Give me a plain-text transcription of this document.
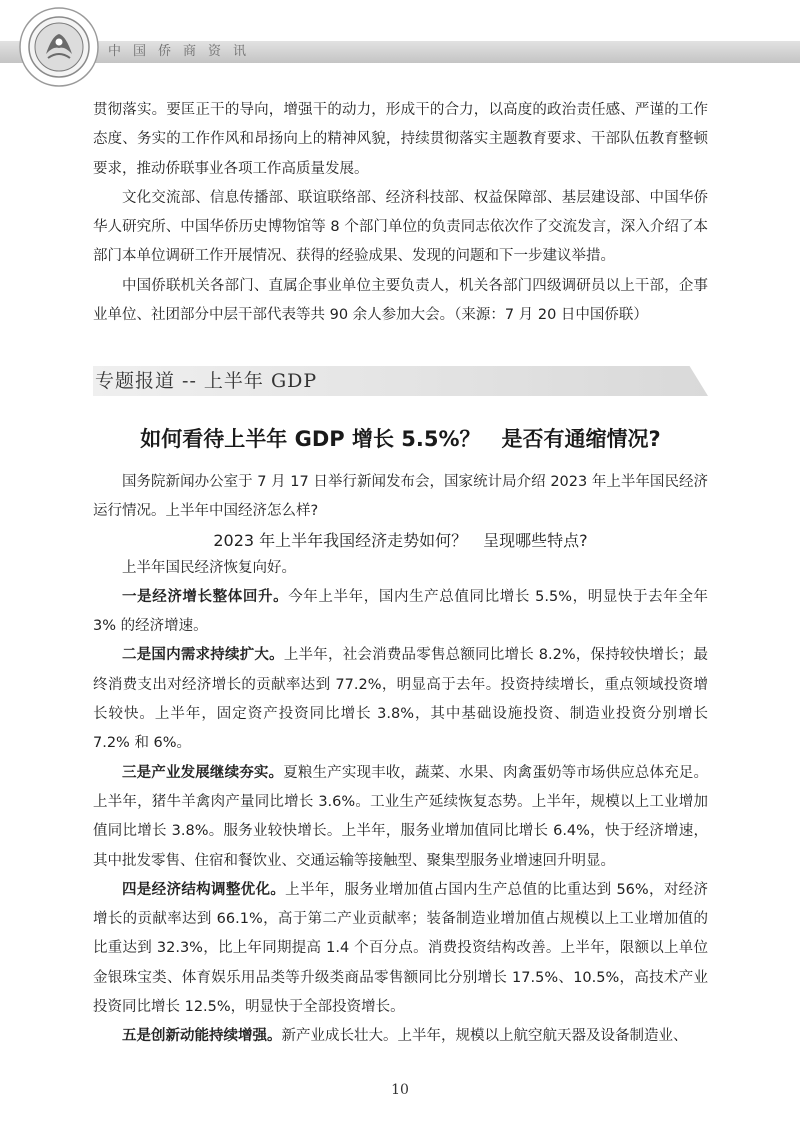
中国侨商资讯

贯彻落实。要匡正干的导向，增强干的动力，形成干的合力，以高度的政治责任感、严谨的工作态度、务实的工作作风和昂扬向上的精神风貌，持续贯彻落实主题教育要求、干部队伍教育整顿要求，推动侨联事业各项工作高质量发展。

文化交流部、信息传播部、联谊联络部、经济科技部、权益保障部、基层建设部、中国华侨华人研究所、中国华侨历史博物馆等 8 个部门单位的负责同志依次作了交流发言，深入介绍了本部门本单位调研工作开展情况、获得的经验成果、发现的问题和下一步建议举措。

中国侨联机关各部门、直属企事业单位主要负责人，机关各部门四级调研员以上干部，企事业单位、社团部分中层干部代表等共 90 余人参加大会。（来源：7 月 20 日中国侨联）

专题报道 -- 上半年 GDP
如何看待上半年 GDP 增长 5.5%？　是否有通缩情况?

国务院新闻办公室于 7 月 17 日举行新闻发布会，国家统计局介绍 2023 年上半年国民经济运行情况。上半年中国经济怎么样?

2023 年上半年我国经济走势如何？　呈现哪些特点?

上半年国民经济恢复向好。

一是经济增长整体回升。今年上半年，国内生产总值同比增长 5.5%，明显快于去年全年 3% 的经济增速。

二是国内需求持续扩大。上半年，社会消费品零售总额同比增长 8.2%，保持较快增长；最终消费支出对经济增长的贡献率达到 77.2%，明显高于去年。投资持续增长，重点领域投资增长较快。上半年，固定资产投资同比增长 3.8%，其中基础设施投资、制造业投资分别增长 7.2% 和 6%。

三是产业发展继续夯实。夏粮生产实现丰收，蔬菜、水果、肉禽蛋奶等市场供应总体充足。上半年，猪牛羊禽肉产量同比增长 3.6%。工业生产延续恢复态势。上半年，规模以上工业增加值同比增长 3.8%。服务业较快增长。上半年，服务业增加值同比增长 6.4%，快于经济增速，其中批发零售、住宿和餐饮业、交通运输等接触型、聚集型服务业增速回升明显。

四是经济结构调整优化。上半年，服务业增加值占国内生产总值的比重达到 56%，对经济增长的贡献率达到 66.1%，高于第二产业贡献率；装备制造业增加值占规模以上工业增加值的比重达到 32.3%，比上年同期提高 1.4 个百分点。消费投资结构改善。上半年，限额以上单位金银珠宝类、体育娱乐用品类等升级类商品零售额同比分别增长 17.5%、10.5%，高技术产业投资同比增长 12.5%，明显快于全部投资增长。

五是创新动能持续增强。新产业成长壮大。上半年，规模以上航空航天器及设备制造业、

10
